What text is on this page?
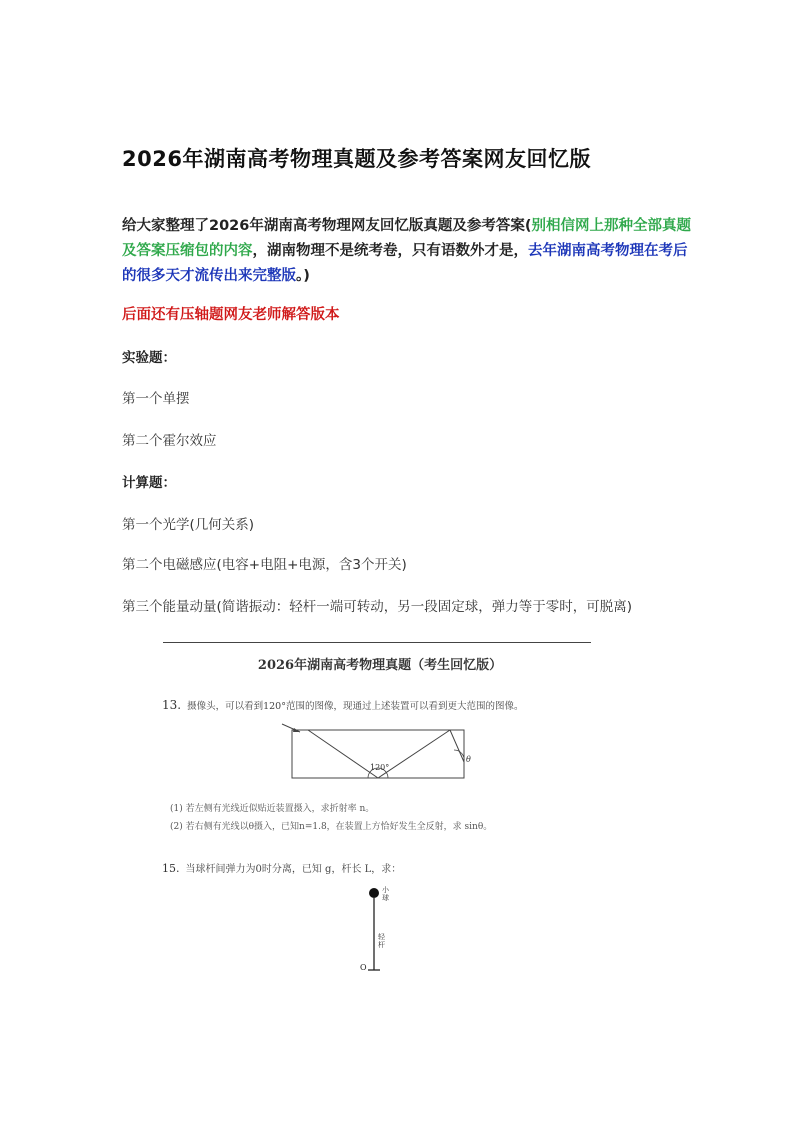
2026年湖南高考物理真题及参考答案网友回忆版
给大家整理了2026年湖南高考物理网友回忆版真题及参考答案(别相信网上那种全部真题及答案压缩包的内容，湖南物理不是统考卷，只有语数外才是，去年湖南高考物理在考后的很多天才流传出来完整版。)
后面还有压轴题网友老师解答版本
实验题：
第一个单摆
第二个霍尔效应
计算题：
第一个光学(几何关系)
第二个电磁感应(电容+电阻+电源，含3个开关)
第三个能量动量(简谐振动：轻杆一端可转动，另一段固定球，弹力等于零时，可脱离)
2026年湖南高考物理真题（考生回忆版）
13. 摄像头，可以看到120°范围的图像，现通过上述装置可以看到更大范围的图像。
120°
θ
(1) 若左侧有光线近似贴近装置摄入，求折射率 n。
(2) 若右侧有光线以θ摄入，已知n=1.8，在装置上方恰好发生全反射，求 sinθ。
15. 当球杆间弹力为0时分离，已知 g，杆长 L，求：
小球
轻杆
O
